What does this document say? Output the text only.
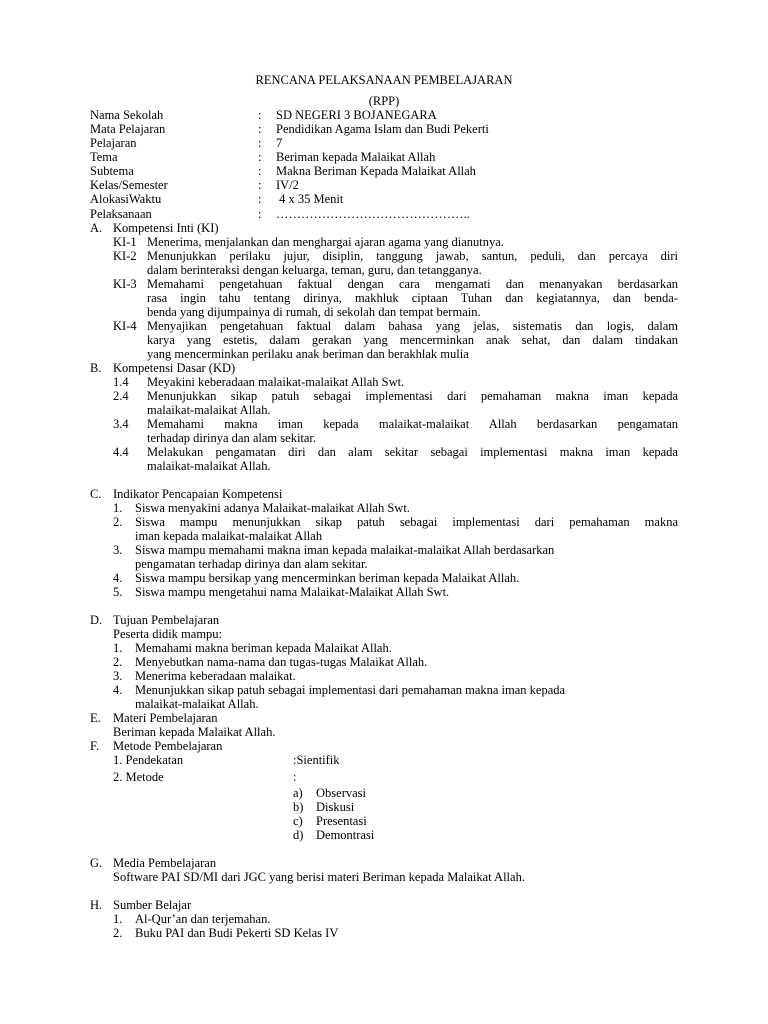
RENCANA PELAKSANAAN PEMBELAJARAN
(RPP)
Nama Sekolah	: SD NEGERI 3 BOJANEGARA
Mata Pelajaran	: Pendidikan Agama Islam dan Budi Pekerti
Pelajaran	: 7
Tema	: Beriman kepada Malaikat Allah
Subtema	: Makna Beriman Kepada Malaikat Allah
Kelas/Semester	: IV/2
AlokasiWaktu	: 4 x 35 Menit
Pelaksanaan	: ………………………………………..
A. Kompetensi Inti (KI)
KI-1 Menerima, menjalankan dan menghargai ajaran agama yang dianutnya.
KI-2 Menunjukkan perilaku jujur, disiplin, tanggung jawab, santun, peduli, dan percaya diri
dalam berinteraksi dengan keluarga, teman, guru, dan tetangganya.
KI-3 Memahami pengetahuan faktual dengan cara mengamati dan menanyakan berdasarkan
rasa ingin tahu tentang dirinya, makhluk ciptaan Tuhan dan kegiatannya, dan benda-
benda yang dijumpainya di rumah, di sekolah dan tempat bermain.
KI-4 Menyajikan pengetahuan faktual dalam bahasa yang jelas, sistematis dan logis, dalam
karya yang estetis, dalam gerakan yang mencerminkan anak sehat, dan dalam tindakan
yang mencerminkan perilaku anak beriman dan berakhlak mulia
B. Kompetensi Dasar (KD)
1.4 Meyakini keberadaan malaikat-malaikat Allah Swt.
2.4 Menunjukkan sikap patuh sebagai implementasi dari pemahaman makna iman kepada
malaikat-malaikat Allah.
3.4 Memahami makna iman kepada malaikat-malaikat Allah berdasarkan pengamatan
terhadap dirinya dan alam sekitar.
4.4 Melakukan pengamatan diri dan alam sekitar sebagai implementasi makna iman kepada
malaikat-malaikat Allah.
C. Indikator Pencapaian Kompetensi
1. Siswa menyakini adanya Malaikat-malaikat Allah Swt.
2. Siswa mampu menunjukkan sikap patuh sebagai implementasi dari pemahaman makna
iman kepada malaikat-malaikat Allah
3. Siswa mampu memahami makna iman kepada malaikat-malaikat Allah berdasarkan
pengamatan terhadap dirinya dan alam sekitar.
4. Siswa mampu bersikap yang mencerminkan beriman kepada Malaikat Allah.
5. Siswa mampu mengetahui nama Malaikat-Malaikat Allah Swt.
D. Tujuan Pembelajaran
Peserta didik mampu:
1. Memahami makna beriman kepada Malaikat Allah.
2. Menyebutkan nama-nama dan tugas-tugas Malaikat Allah.
3. Menerima keberadaan malaikat.
4. Menunjukkan sikap patuh sebagai implementasi dari pemahaman makna iman kepada
malaikat-malaikat Allah.
E. Materi Pembelajaran
Beriman kepada Malaikat Allah.
F. Metode Pembelajaran
1. Pendekatan	:Sientifik
2. Metode	:
a) Observasi
b) Diskusi
c) Presentasi
d) Demontrasi
G. Media Pembelajaran
Software PAI SD/MI dari JGC yang berisi materi Beriman kepada Malaikat Allah.
H. Sumber Belajar
1. Al-Qur’an dan terjemahan.
2. Buku PAI dan Budi Pekerti SD Kelas IV
